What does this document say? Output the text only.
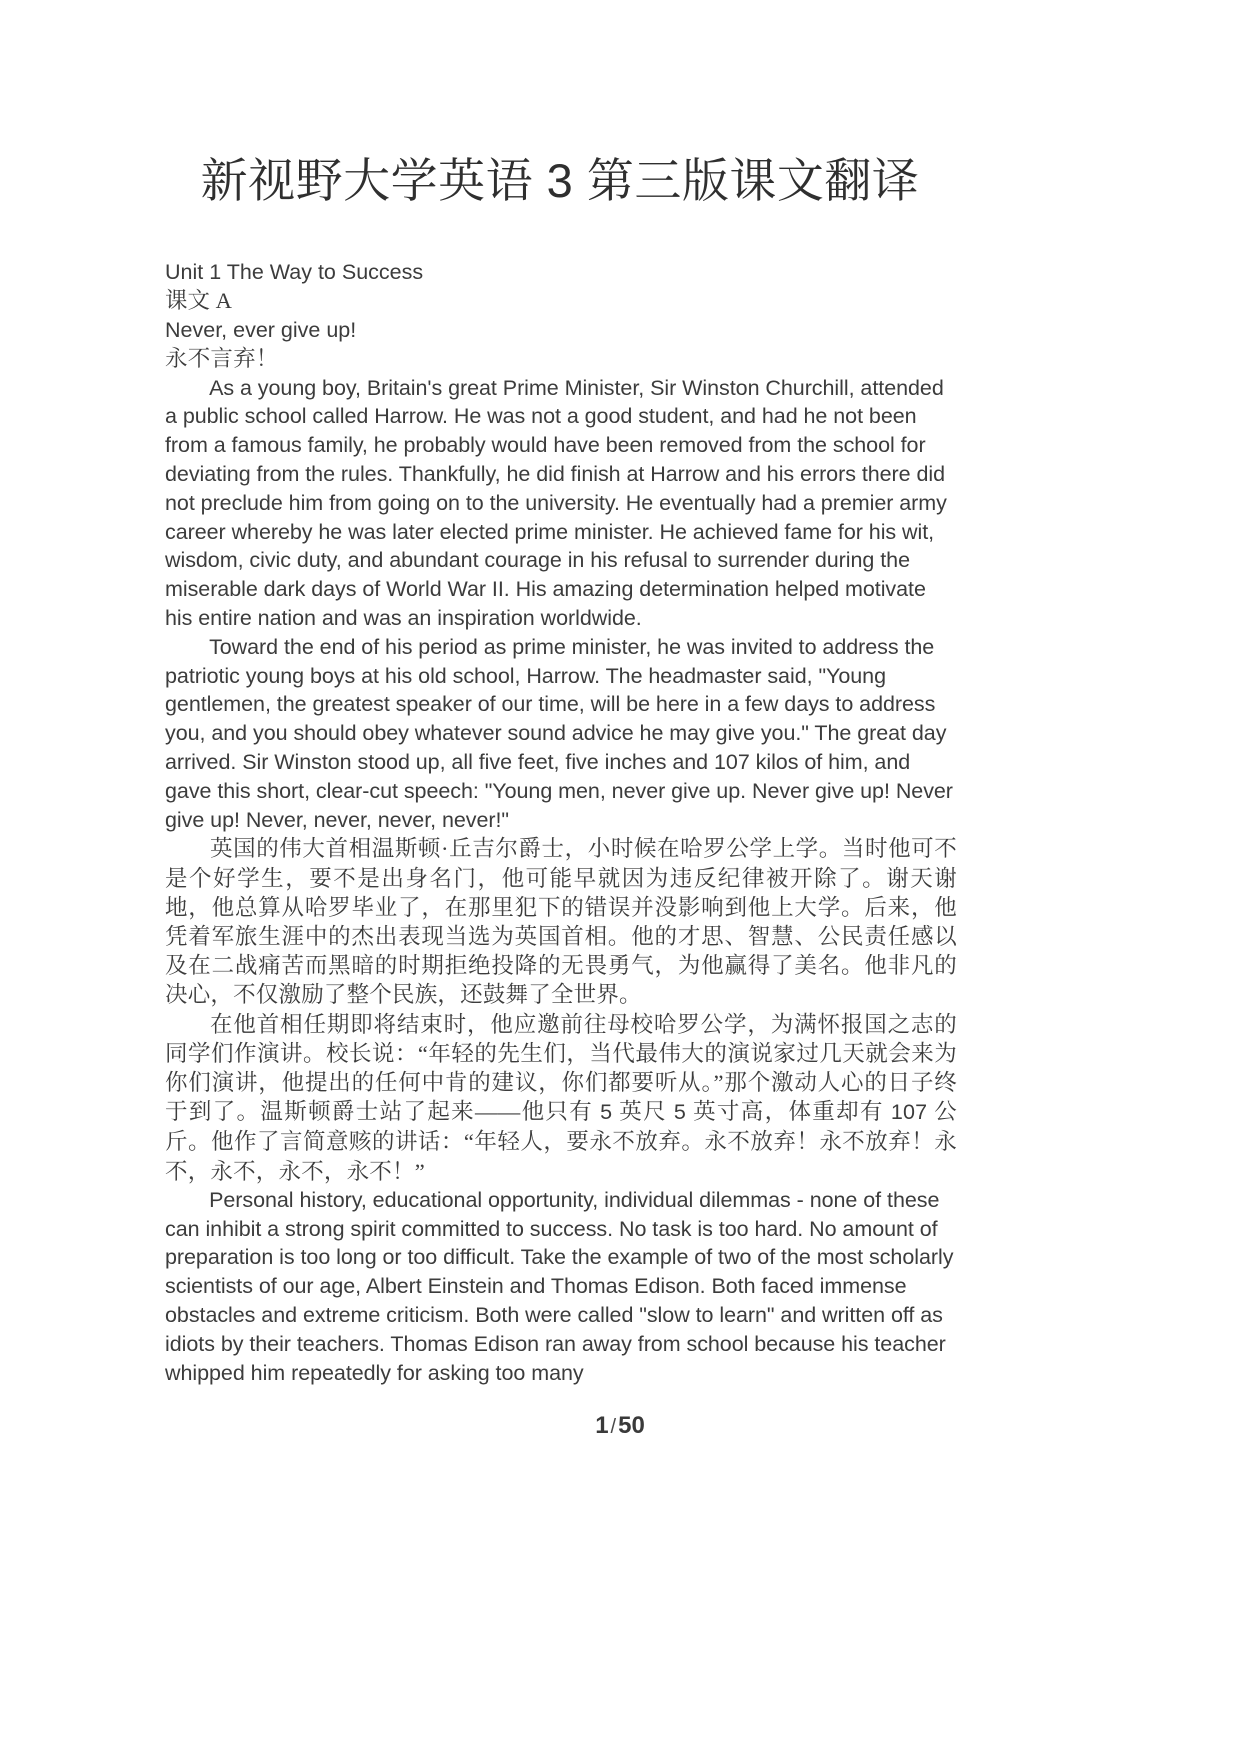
新视野大学英语 3 第三版课文翻译

Unit 1 The Way to Success

课文 A

Never, ever give up!

永不言弃！

As a young boy, Britain's great Prime Minister, Sir Winston Churchill, attended a public school called Harrow. He was not a good student, and had he not been from a famous family, he probably would have been removed from the school for deviating from the rules. Thankfully, he did finish at Harrow and his errors there did not preclude him from going on to the university. He eventually had a premier army career whereby he was later elected prime minister. He achieved fame for his wit, wisdom, civic duty, and abundant courage in his refusal to surrender during the miserable dark days of World War II. His amazing determination helped motivate his entire nation and was an inspiration worldwide.

Toward the end of his period as prime minister, he was invited to address the patriotic young boys at his old school, Harrow. The headmaster said, "Young gentlemen, the greatest speaker of our time, will be here in a few days to address you, and you should obey whatever sound advice he may give you." The great day arrived. Sir Winston stood up, all five feet, five inches and 107 kilos of him, and gave this short, clear-cut speech: "Young men, never give up. Never give up! Never give up! Never, never, never, never!"

英国的伟大首相温斯顿·丘吉尔爵士，小时候在哈罗公学上学。当时他可不是个好学生，要不是出身名门，他可能早就因为违反纪律被开除了。谢天谢地，他总算从哈罗毕业了，在那里犯下的错误并没影响到他上大学。后来，他凭着军旅生涯中的杰出表现当选为英国首相。他的才思、智慧、公民责任感以及在二战痛苦而黑暗的时期拒绝投降的无畏勇气，为他赢得了美名。他非凡的决心，不仅激励了整个民族，还鼓舞了全世界。

在他首相任期即将结束时，他应邀前往母校哈罗公学，为满怀报国之志的同学们作演讲。校长说：“年轻的先生们，当代最伟大的演说家过几天就会来为你们演讲，他提出的任何中肯的建议，你们都要听从。”那个激动人心的日子终于到了。温斯顿爵士站了起来——他只有 5 英尺 5 英寸高，体重却有 107 公斤。他作了言简意赅的讲话：“年轻人，要永不放弃。永不放弃！永不放弃！永不，永不，永不，永不！”

Personal history, educational opportunity, individual dilemmas - none of these can inhibit a strong spirit committed to success. No task is too hard. No amount of preparation is too long or too difficult. Take the example of two of the most scholarly scientists of our age, Albert Einstein and Thomas Edison. Both faced immense obstacles and extreme criticism. Both were called "slow to learn" and written off as idiots by their teachers. Thomas Edison ran away from school because his teacher whipped him repeatedly for asking too many

1 /50
